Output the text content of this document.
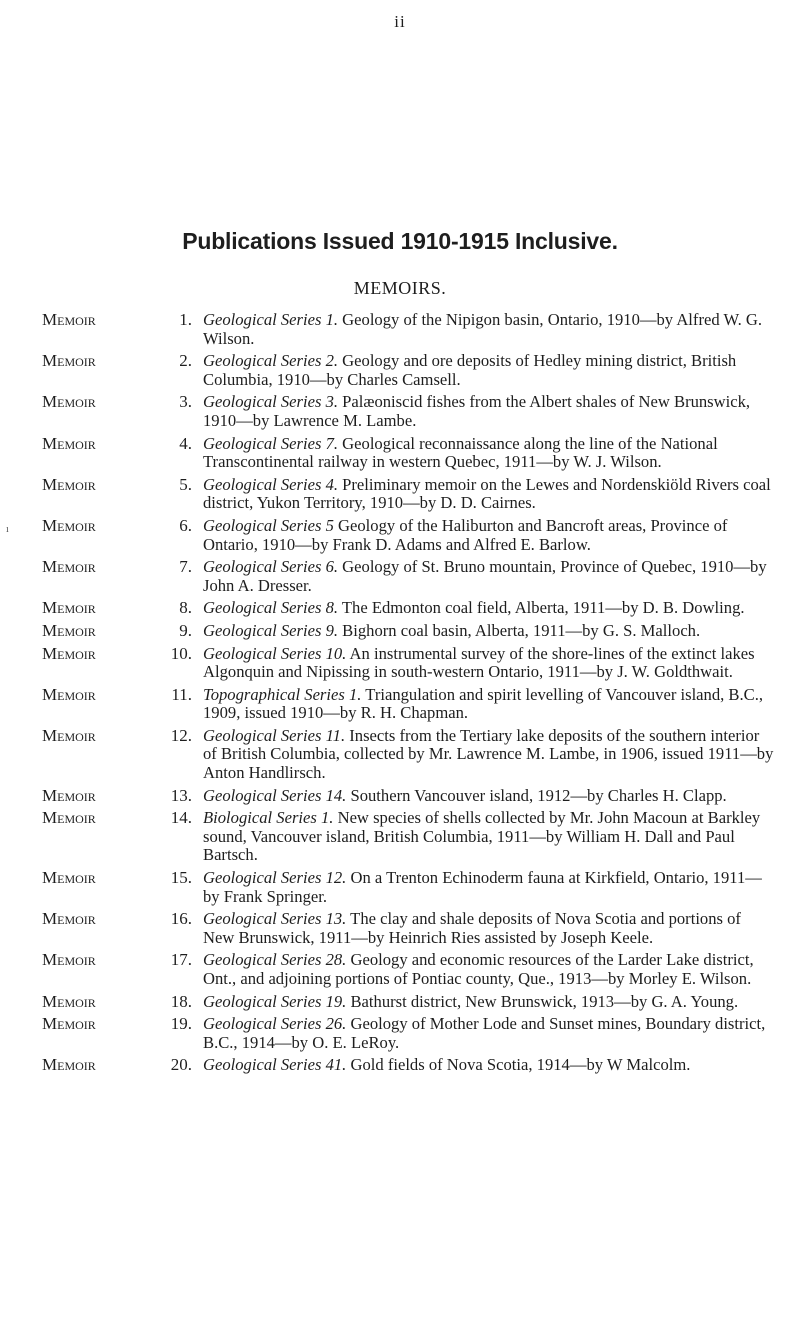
ii
Publications Issued 1910-1915 Inclusive.
MEMOIRS.
Memoir	1. Geological Series 1. Geology of the Nipigon basin, Ontario, 1910—by Alfred W. G. Wilson.
Memoir	2. Geological Series 2. Geology and ore deposits of Hedley mining district, British Columbia, 1910—by Charles Camsell.
Memoir	3. Geological Series 3. Palæoniscid fishes from the Albert shales of New Brunswick, 1910—by Lawrence M. Lambe.
Memoir	4. Geological Series 7. Geological reconnaissance along the line of the National Transcontinental railway in western Quebec, 1911—by W. J. Wilson.
Memoir	5. Geological Series 4. Preliminary memoir on the Lewes and Nordenskiöld Rivers coal district, Yukon Territory, 1910—by D. D. Cairnes.
ı Memoir	6. Geological Series 5 Geology of the Haliburton and Bancroft areas, Province of Ontario, 1910—by Frank D. Adams and Alfred E. Barlow.
Memoir	7. Geological Series 6. Geology of St. Bruno mountain, Province of Quebec, 1910—by John A. Dresser.
Memoir	8. Geological Series 8. The Edmonton coal field, Alberta, 1911—by D. B. Dowling.
Memoir	9. Geological Series 9. Bighorn coal basin, Alberta, 1911—by G. S. Malloch.
Memoir	10. Geological Series 10. An instrumental survey of the shore-lines of the extinct lakes Algonquin and Nipissing in south-western Ontario, 1911—by J. W. Goldthwait.
Memoir	11. Topographical Series 1. Triangulation and spirit levelling of Vancouver island, B.C., 1909, issued 1910—by R. H. Chapman.
Memoir	12. Geological Series 11. Insects from the Tertiary lake deposits of the southern interior of British Columbia, collected by Mr. Lawrence M. Lambe, in 1906, issued 1911—by Anton Handlirsch.
Memoir	13. Geological Series 14. Southern Vancouver island, 1912—by Charles H. Clapp.
Memoir	14. Biological Series 1. New species of shells collected by Mr. John Macoun at Barkley sound, Vancouver island, British Columbia, 1911—by William H. Dall and Paul Bartsch.
Memoir	15. Geological Series 12. On a Trenton Echinoderm fauna at Kirkfield, Ontario, 1911—by Frank Springer.
Memoir	16. Geological Series 13. The clay and shale deposits of Nova Scotia and portions of New Brunswick, 1911—by Heinrich Ries assisted by Joseph Keele.
Memoir	17. Geological Series 28. Geology and economic resources of the Larder Lake district, Ont., and adjoining portions of Pontiac county, Que., 1913—by Morley E. Wilson.
Memoir	18. Geological Series 19. Bathurst district, New Brunswick, 1913—by G. A. Young.
Memoir	19. Geological Series 26. Geology of Mother Lode and Sunset mines, Boundary district, B.C., 1914—by O. E. LeRoy.
Memoir	20. Geological Series 41. Gold fields of Nova Scotia, 1914—by W Malcolm.
